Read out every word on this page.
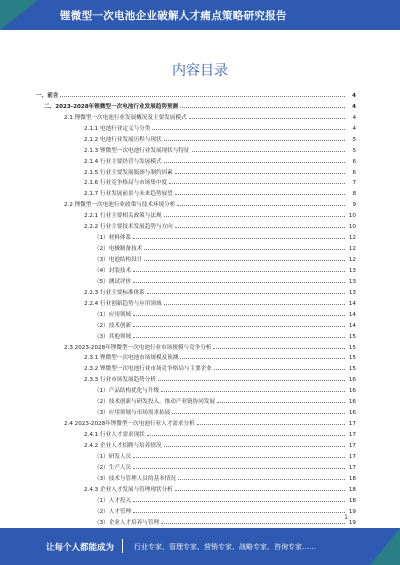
锂微型一次电池企业破解人才痛点策略研究报告
内容目录
一、前言	4
二、2023-2028年锂微型一次电池行业发展趋势预测	4
2.1 锂微型一次电池行业发展概况及主要发展模式	4
2.1.1 电池行业定义与分类	4
2.1.2 电池行业发展历程与现状	5
2.1.3 锂微型一次电池行业发展现状与特征	5
2.1.4 行业主要经营与发展模式	6
2.1.5 行业主要发展瓶颈与制约因素	6
2.1.6 行业竞争格局与市场集中度	7
2.1.7 行业发展前景与未来趋势展望	8
2.2 锂微型一次电池行业政策与技术环境分析	9
2.2.1 行业主要相关政策与法规	10
2.2.2 行业主要技术发展趋势与方向	10
（1）材料体系	12
（2）电极制备技术	12
（3）电池结构设计	12
（4）封装技术	13
（5）测试评价	13
2.2.3 行业主要标准体系	13
2.2.4 行业创新趋势与应用领域	14
（1）应用领域	14
（2）技术创新	14
（3）其他领域	15
2.3 2023-2028年锂微型一次电池行业市场规模与竞争分析	15
2.3.1 锂微型一次电池市场规模及预测	15
2.3.2 锂微型一次电池行业市场竞争格局与主要企业	15
2.3.3 行业市场发展趋势分析	16
（1）产品结构优化与升级	16
（2）技术创新与研发投入，推动产业链协同发展	16
（3）应用领域与市场需求拓展	16
2.4 2023-2028年锂微型一次电池行业人才需求分析	17
2.4.1 行业人才需求现状	17
2.4.2 企业人才招聘与培养情况	17
（1）研发人员	17
（2）生产人员	17
（3）技术与管理人员的基本情况	18
2.4.3 企业人才发展与管理现状分析	18
（1）人才投入	18
（2）人才管理	19
（3）企业人才培养与管理	19
1
让每个人都能成为	行业专家、管理专家、营销专家、战略专家、咨询专家……
